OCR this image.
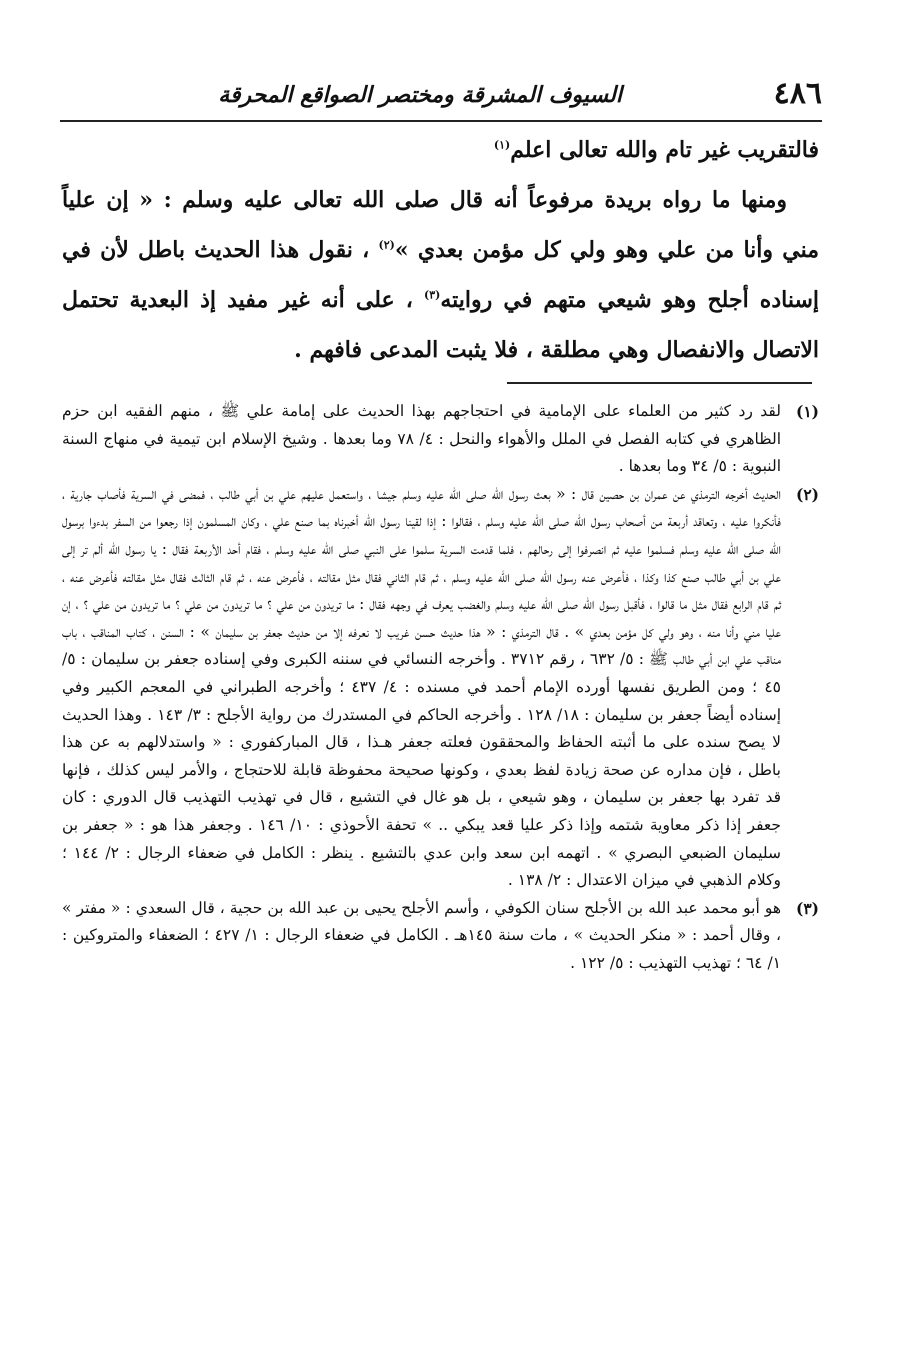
٤٨٦
السيوف المشرقة ومختصر الصواقع المحرقة

فالتقريب غير تام والله تعالى اعلم$^{(١)}$

ومنها ما رواه بريدة مرفوعاً أنه قال صلى الله تعالى عليه وسلم : « إن علياً مني وأنا من علي وهو ولي كل مؤمن بعدي »$^{(٢)}$ ، نقول هذا الحديث باطل لأن في إسناده أجلح وهو شيعي متهم في روايته$^{(٣)}$ ، على أنه غير مفيد إذ البعدية تحتمل الاتصال والانفصال وهي مطلقة ، فلا يثبت المدعى فافهم .

(١)
لقد رد كثير من العلماء على الإمامية في احتجاجهم بهذا الحديث على إمامة علي ﷺ ، منهم الفقيه ابن حزم الظاهري في كتابه الفصل في الملل والأهواء والنحل : ٤/ ٧٨ وما بعدها . وشيخ الإسلام ابن تيمية في منهاج السنة النبوية : ٥/ ٣٤ وما بعدها .

(٢)
الحديث أخرجه الترمذي عن عمران بن حصين قال : « بعث رسول الله صلى الله عليه وسلم جيشا ، واستعمل عليهم علي بن أبي طالب ، فمضى في السرية فأصاب جارية ، فأنكروا عليه ، وتعاقد أربعة من أصحاب رسول الله صلى الله عليه وسلم ، فقالوا : إذا لقينا رسول الله أخبرناه بما صنع علي ، وكان المسلمون إذا رجعوا من السفر بدءوا برسول الله صلى الله عليه وسلم فسلموا عليه ثم انصرفوا إلى رحالهم ، فلما قدمت السرية سلموا على النبي صلى الله عليه وسلم ، فقام أحد الأربعة فقال : يا رسول الله ألم تر إلى علي بن أبي طالب صنع كذا وكذا ، فأعرض عنه رسول الله صلى الله عليه وسلم ، ثم قام الثاني فقال مثل مقالته ، فأعرض عنه ، ثم قام الثالث فقال مثل مقالته فأعرض عنه ، ثم قام الرابع فقال مثل ما قالوا ، فأقبل رسول الله صلى الله عليه وسلم والغضب يعرف في وجهه فقال : ما تريدون من علي ؟ ما تريدون من علي ؟ ما تريدون من علي ؟ ، إن عليا مني وأنا منه ، وهو ولي كل مؤمن بعدي » . قال الترمذي : « هذا حديث حسن غريب لا نعرفه إلا من حديث جعفر بن سليمان » : السنن ، كتاب المناقب ، باب مناقب علي ابن أبي طالب ﷺ : ٥/ ٦٣٢ ، رقم ٣٧١٢ . وأخرجه النسائي في سننه الكبرى وفي إسناده جعفر بن سليمان : ٥/ ٤٥ ؛ ومن الطريق نفسها أورده الإمام أحمد في مسنده : ٤/ ٤٣٧ ؛ وأخرجه الطبراني في المعجم الكبير وفي إسناده أيضاً جعفر بن سليمان : ١٨/ ١٢٨ . وأخرجه الحاكم في المستدرك من رواية الأجلح : ٣/ ١٤٣ . وهذا الحديث لا يصح سنده على ما أثبته الحفاظ والمحققون فعلته جعفر هـذا ، قال المباركفوري : « واستدلالهم به عن هذا باطل ، فإن مداره عن صحة زيادة لفظ بعدي ، وكونها صحيحة محفوظة قابلة للاحتجاج ، والأمر ليس كذلك ، فإنها قد تفرد بها جعفر بن سليمان ، وهو شيعي ، بل هو غال في التشيع ، قال في تهذيب التهذيب قال الدوري : كان جعفر إذا ذكر معاوية شتمه وإذا ذكر عليا قعد يبكي .. » تحفة الأحوذي : ١٠/ ١٤٦ . وجعفر هذا هو : « جعفر بن سليمان الضبعي البصري » . اتهمه ابن سعد وابن عدي بالتشيع . ينظر : الكامل في ضعفاء الرجال : ٢/ ١٤٤ ؛ وكلام الذهبي في ميزان الاعتدال : ٢/ ١٣٨ .

(٣)
هو أبو محمد عبد الله بن الأجلح سنان الكوفي ، وأسم الأجلح يحيى بن عبد الله بن حجية ، قال السعدي : « مفتر » ، وقال أحمد : « منكر الحديث » ، مات سنة ١٤٥هـ . الكامل في ضعفاء الرجال : ١/ ٤٢٧ ؛ الضعفاء والمتروكين : ١/ ٦٤ ؛ تهذيب التهذيب : ٥/ ١٢٢ .
